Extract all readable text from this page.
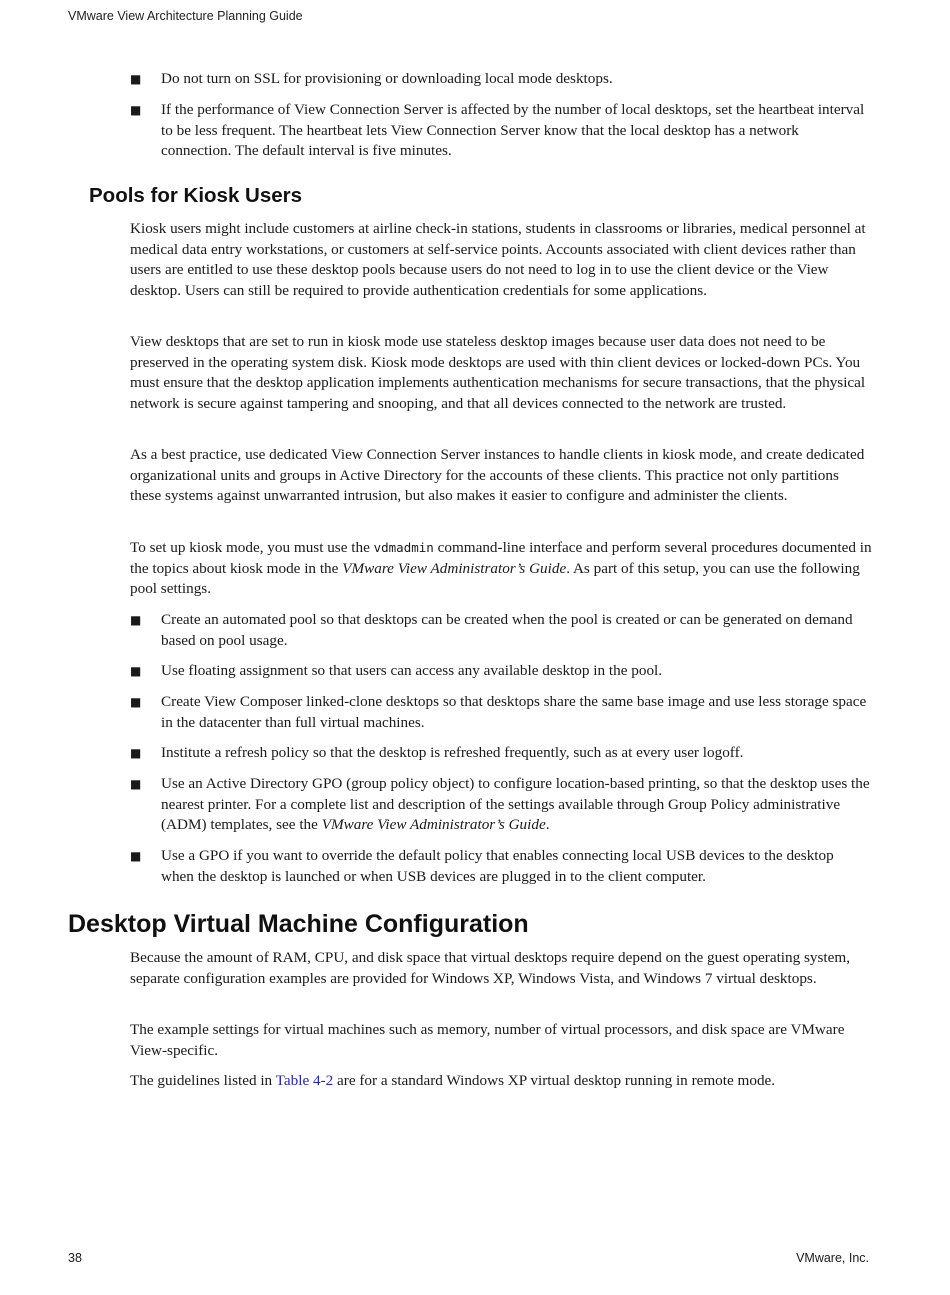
VMware View Architecture Planning Guide
■ Do not turn on SSL for provisioning or downloading local mode desktops.
■ If the performance of View Connection Server is affected by the number of local desktops, set the heartbeat interval to be less frequent. The heartbeat lets View Connection Server know that the local desktop has a network connection. The default interval is five minutes.
Pools for Kiosk Users

Kiosk users might include customers at airline check-in stations, students in classrooms or libraries, medical personnel at medical data entry workstations, or customers at self-service points. Accounts associated with client devices rather than users are entitled to use these desktop pools because users do not need to log in to use the client device or the View desktop. Users can still be required to provide authentication credentials for some applications.

View desktops that are set to run in kiosk mode use stateless desktop images because user data does not need to be preserved in the operating system disk. Kiosk mode desktops are used with thin client devices or locked-down PCs. You must ensure that the desktop application implements authentication mechanisms for secure transactions, that the physical network is secure against tampering and snooping, and that all devices connected to the network are trusted.

As a best practice, use dedicated View Connection Server instances to handle clients in kiosk mode, and create dedicated organizational units and groups in Active Directory for the accounts of these clients. This practice not only partitions these systems against unwarranted intrusion, but also makes it easier to configure and administer the clients.

To set up kiosk mode, you must use the vdmadmin command-line interface and perform several procedures documented in the topics about kiosk mode in the VMware View Administrator’s Guide. As part of this setup, you can use the following pool settings.

■ Create an automated pool so that desktops can be created when the pool is created or can be generated on demand based on pool usage.
■ Use floating assignment so that users can access any available desktop in the pool.
■ Create View Composer linked-clone desktops so that desktops share the same base image and use less storage space in the datacenter than full virtual machines.
■ Institute a refresh policy so that the desktop is refreshed frequently, such as at every user logoff.
■ Use an Active Directory GPO (group policy object) to configure location-based printing, so that the desktop uses the nearest printer. For a complete list and description of the settings available through Group Policy administrative (ADM) templates, see the VMware View Administrator’s Guide.
■ Use a GPO if you want to override the default policy that enables connecting local USB devices to the desktop when the desktop is launched or when USB devices are plugged in to the client computer.
Desktop Virtual Machine Configuration

Because the amount of RAM, CPU, and disk space that virtual desktops require depend on the guest operating system, separate configuration examples are provided for Windows XP, Windows Vista, and Windows 7 virtual desktops.

The example settings for virtual machines such as memory, number of virtual processors, and disk space are VMware View-specific.

The guidelines listed in Table 4-2 are for a standard Windows XP virtual desktop running in remote mode.

38	VMware, Inc.
